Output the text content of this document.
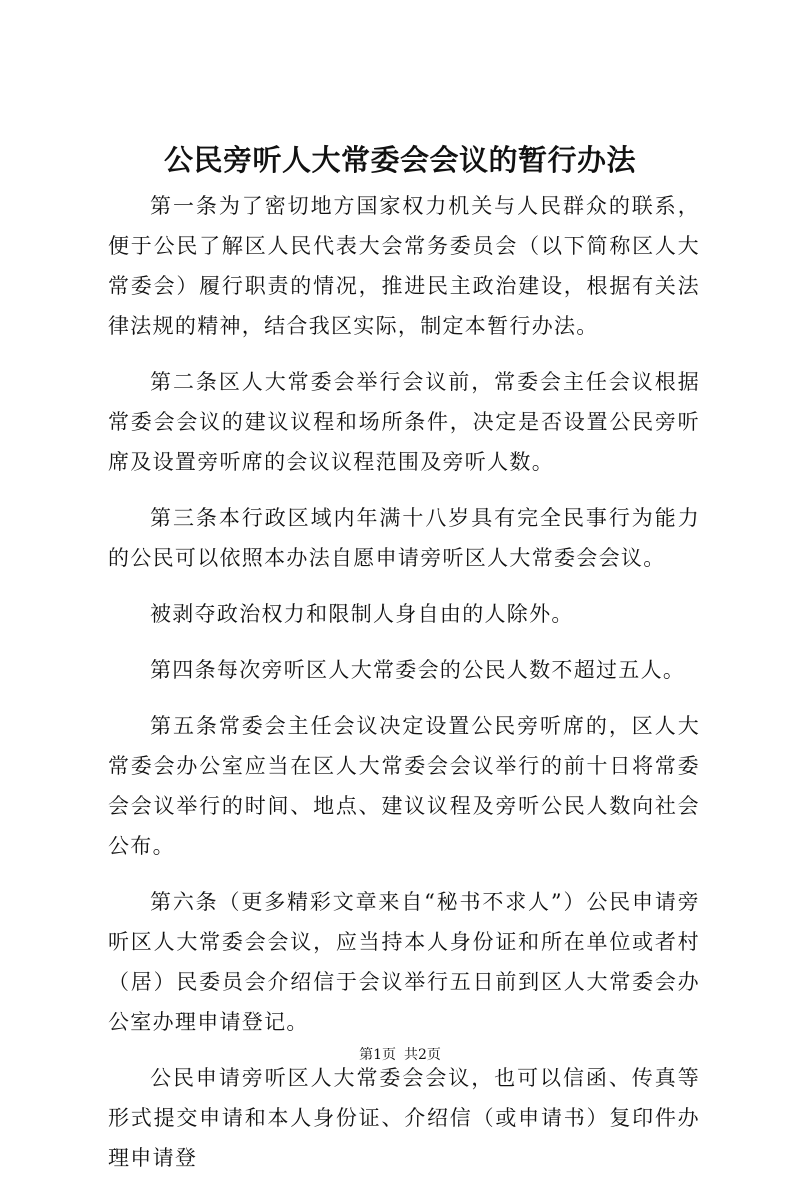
公民旁听人大常委会会议的暂行办法

第一条为了密切地方国家权力机关与人民群众的联系，便于公民了解区人民代表大会常务委员会（以下简称区人大常委会）履行职责的情况，推进民主政治建设，根据有关法律法规的精神，结合我区实际，制定本暂行办法。

第二条区人大常委会举行会议前，常委会主任会议根据常委会会议的建议议程和场所条件，决定是否设置公民旁听席及设置旁听席的会议议程范围及旁听人数。

第三条本行政区域内年满十八岁具有完全民事行为能力的公民可以依照本办法自愿申请旁听区人大常委会会议。

被剥夺政治权力和限制人身自由的人除外。

第四条每次旁听区人大常委会的公民人数不超过五人。

第五条常委会主任会议决定设置公民旁听席的，区人大常委会办公室应当在区人大常委会会议举行的前十日将常委会会议举行的时间、地点、建议议程及旁听公民人数向社会公布。

第六条（更多精彩文章来自“秘书不求人”）公民申请旁听区人大常委会会议，应当持本人身份证和所在单位或者村（居）民委员会介绍信于会议举行五日前到区人大常委会办公室办理申请登记。

公民申请旁听区人大常委会会议，也可以信函、传真等形式提交申请和本人身份证、介绍信（或申请书）复印件办理申请登

第1页 共2页
